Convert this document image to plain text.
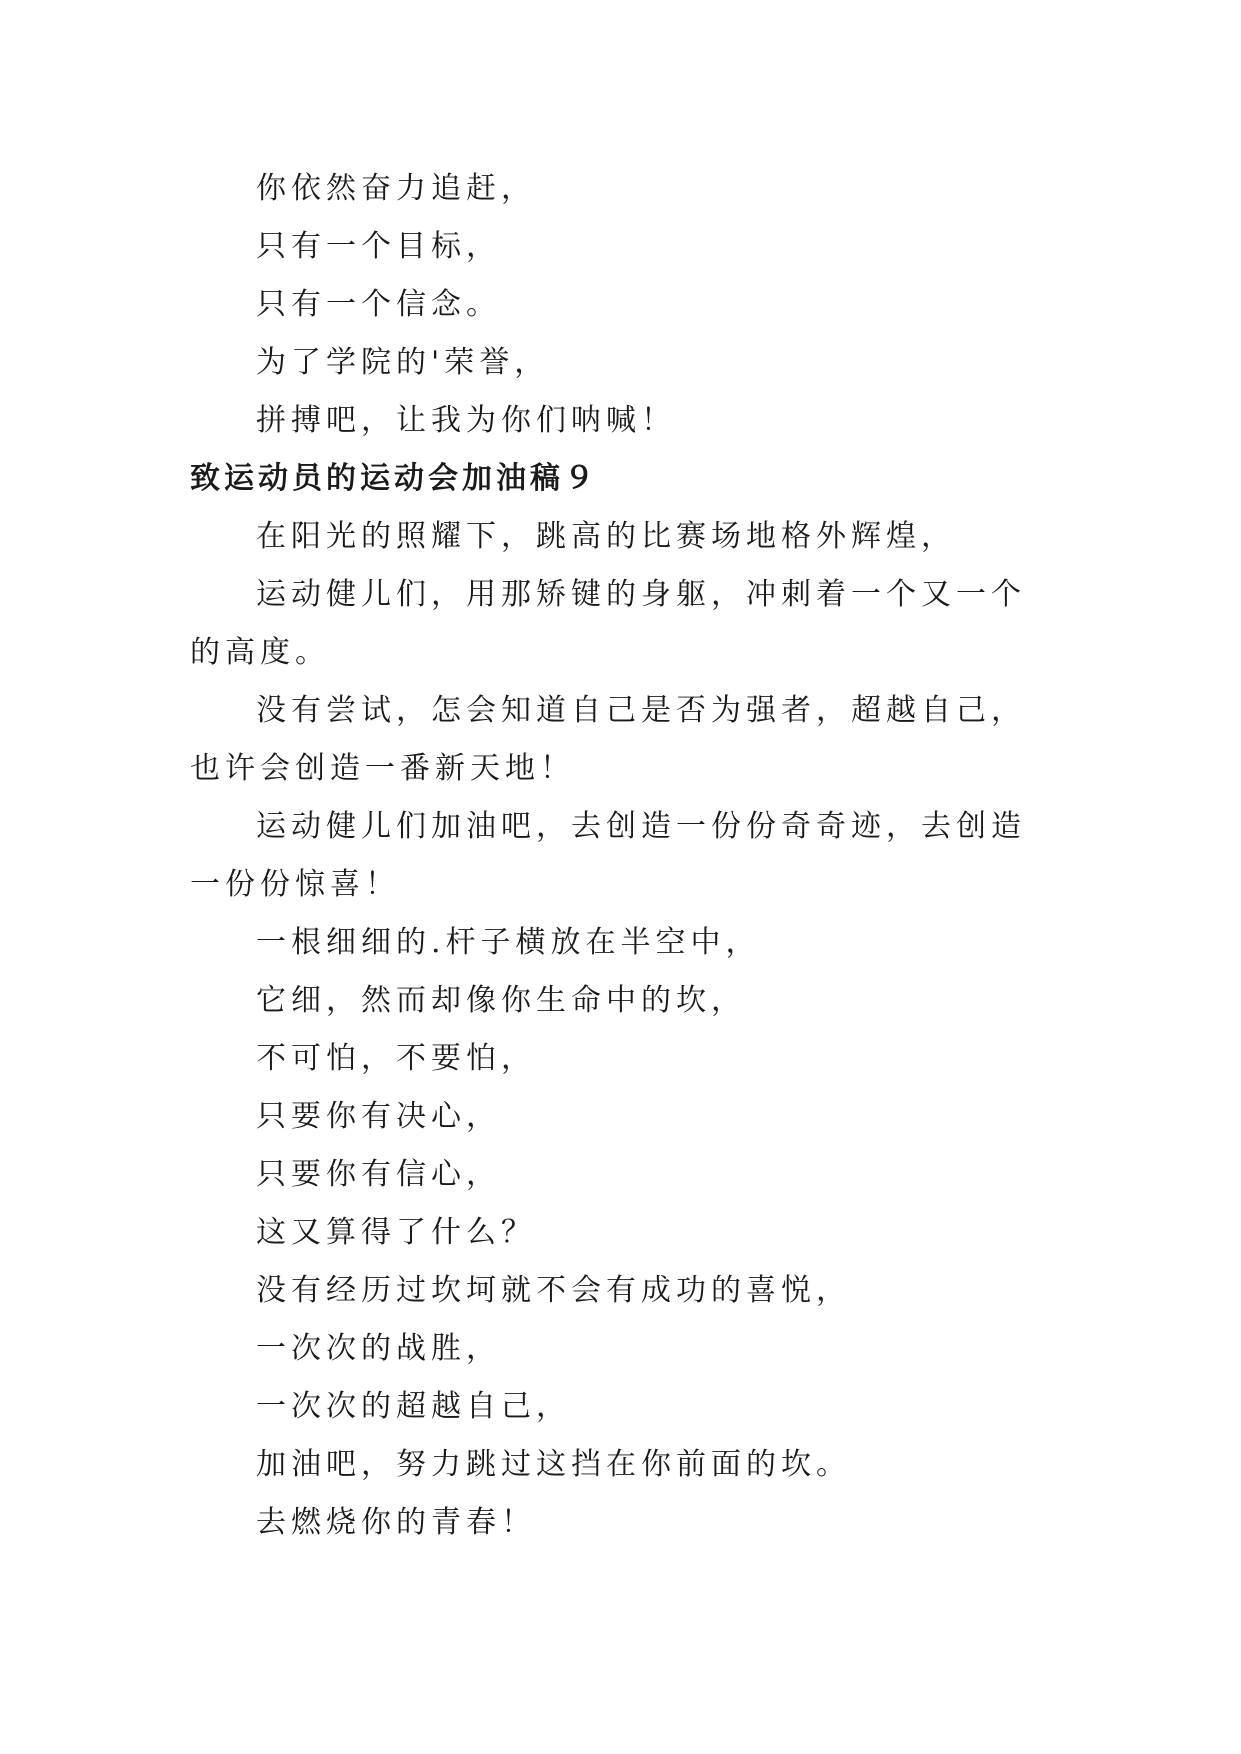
你依然奋力追赶，

只有一个目标，

只有一个信念。

为了学院的'荣誉，

拼搏吧，让我为你们呐喊！

致运动员的运动会加油稿９

在阳光的照耀下，跳高的比赛场地格外辉煌，

运动健儿们，用那矫键的身躯，冲刺着一个又一个的高度。

没有尝试，怎会知道自己是否为强者，超越自己，也许会创造一番新天地！

运动健儿们加油吧，去创造一份份奇奇迹，去创造一份份惊喜！

一根细细的.杆子横放在半空中，

它细，然而却像你生命中的坎，

不可怕，不要怕，

只要你有决心，

只要你有信心，

这又算得了什么？

没有经历过坎坷就不会有成功的喜悦，

一次次的战胜，

一次次的超越自己，

加油吧，努力跳过这挡在你前面的坎。

去燃烧你的青春！
